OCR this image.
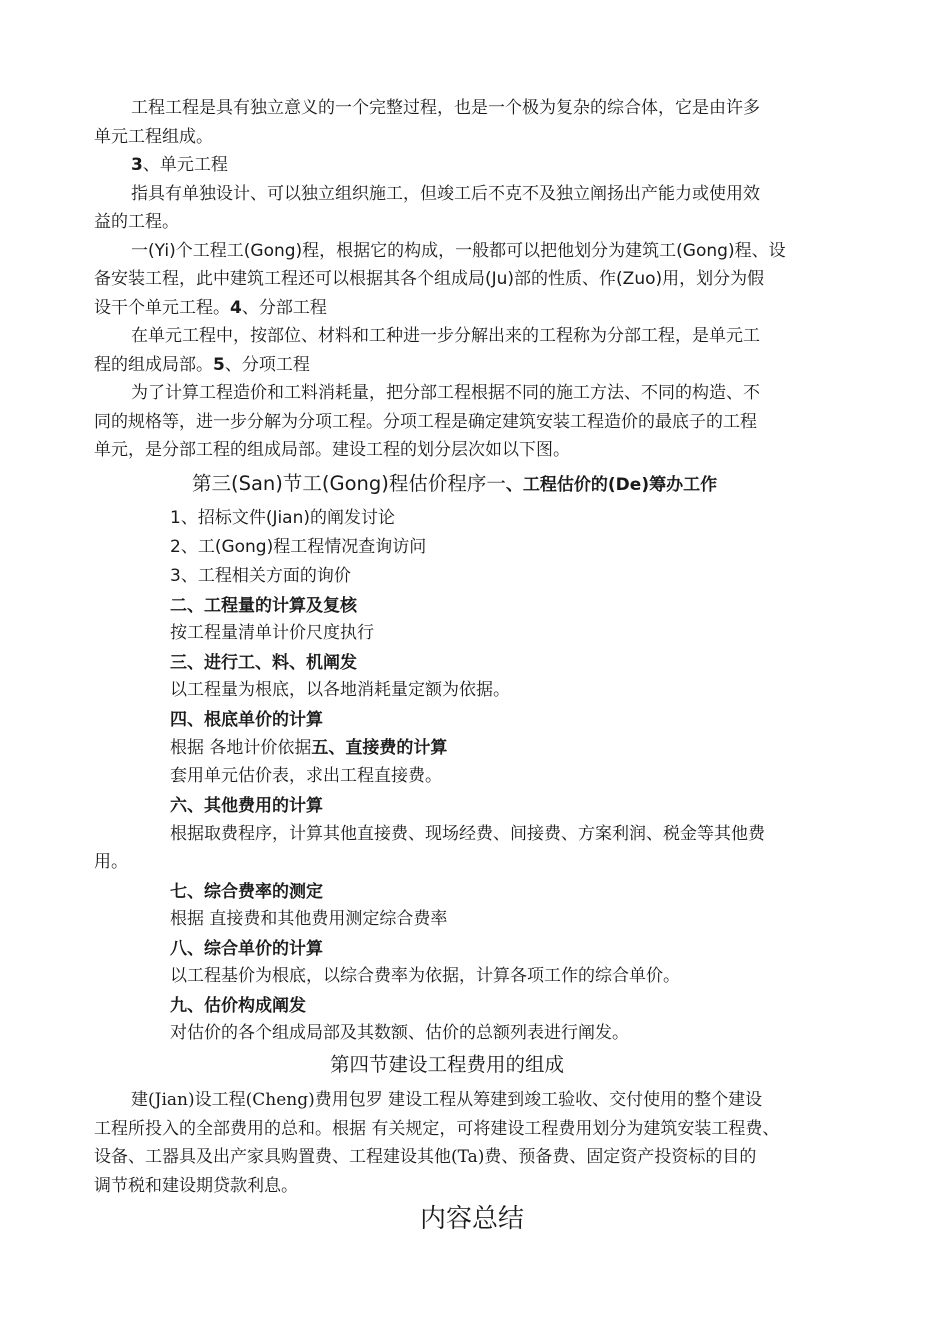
工程工程是具有独立意义的一个完整过程，也是一个极为复杂的综合体，它是由许多
单元工程组成。
3、单元工程
指具有单独设计、可以独立组织施工，但竣工后不克不及独立阐扬出产能力或使用效
益的工程。
一(Yi)个工程工(Gong)程，根据它的构成，一般都可以把他划分为建筑工(Gong)程、设
备安装工程，此中建筑工程还可以根据其各个组成局(Ju)部的性质、作(Zuo)用，划分为假
设干个单元工程。4、分部工程
在单元工程中，按部位、材料和工种进一步分解出来的工程称为分部工程，是单元工
程的组成局部。5、分项工程
为了计算工程造价和工料消耗量，把分部工程根据不同的施工方法、不同的构造、不
同的规格等，进一步分解为分项工程。分项工程是确定建筑安装工程造价的最底子的工程
单元，是分部工程的组成局部。建设工程的划分层次如以下图。
第三(San)节工(Gong)程估价程序一、工程估价的(De)筹办工作
1、招标文件(Jian)的阐发讨论
2、工(Gong)程工程情况查询访问
3、工程相关方面的询价
二、工程量的计算及复核
按工程量清单计价尺度执行
三、进行工、料、机阐发
以工程量为根底，以各地消耗量定额为依据。
四、根底单价的计算
根据 各地计价依据五、直接费的计算
套用单元估价表，求出工程直接费。
六、其他费用的计算
根据取费程序，计算其他直接费、现场经费、间接费、方案利润、税金等其他费
用。
七、综合费率的测定
根据 直接费和其他费用测定综合费率
八、综合单价的计算
以工程基价为根底，以综合费率为依据，计算各项工作的综合单价。
九、估价构成阐发
对估价的各个组成局部及其数额、估价的总额列表进行阐发。
第四节建设工程费用的组成
建(Jian)设工程(Cheng)费用包罗 建设工程从筹建到竣工验收、交付使用的整个建设
工程所投入的全部费用的总和。根据 有关规定，可将建设工程费用划分为建筑安装工程费、
设备、工器具及出产家具购置费、工程建设其他(Ta)费、预备费、固定资产投资标的目的
调节税和建设期贷款利息。
内容总结
